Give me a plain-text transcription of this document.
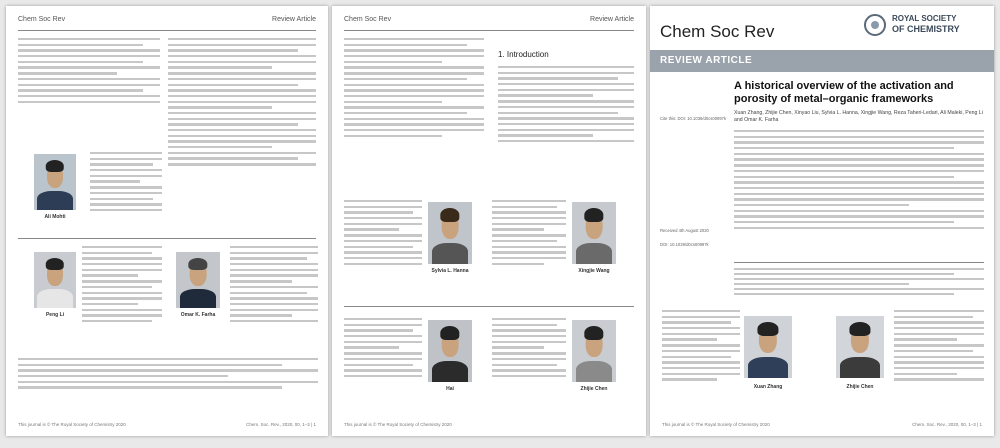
Chem Soc Rev	Review Article
Ali Mohti
Peng Li	Omar K. Farha
This journal is © The Royal Society of Chemistry 2020	Chem. Soc. Rev., 2020, 00, 1–3 | 1
Chem Soc Rev	Review Article
1. Introduction
Sylvia L. Hanna	Xingjie Wang
Hai	Zhijie Chen
This journal is © The Royal Society of Chemistry 2020
Chem Soc Rev
ROYAL SOCIETY
OF CHEMISTRY
REVIEW ARTICLE
Cite this: DOI: 10.1039/d0cs00997k
Received 4th August 2020
DOI: 10.1039/d0cs00997k
A historical overview of the activation and porosity of metal–organic frameworks
Xuan Zhang, Zhijie Chen, Xinyao Liu, Sylvia L. Hanna, Xingjie Wang, Reza Taheri-Ledari, Ali Maleki, Peng Li and Omar K. Farha
Xuan Zhang	Zhijie Chen
This journal is © The Royal Society of Chemistry 2020	Chem. Soc. Rev., 2020, 00, 1–3 | 1
